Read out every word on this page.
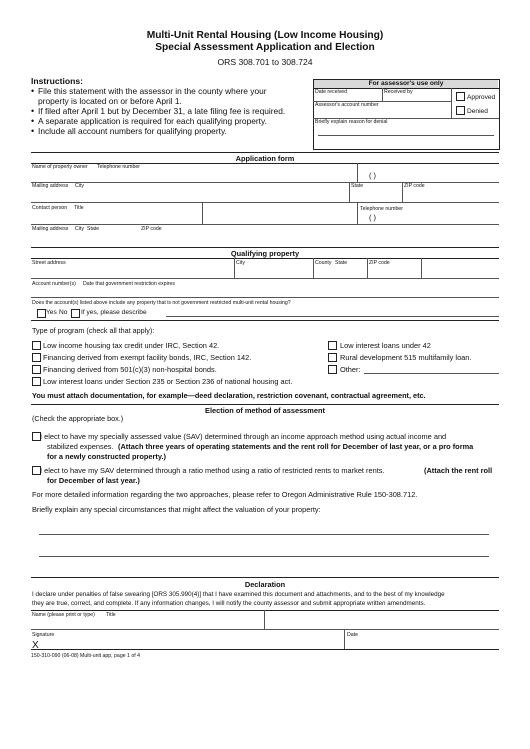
Multi-Unit Rental Housing (Low Income Housing)
Special Assessment Application and Election
ORS 308.701 to 308.724
Instructions:
• File this statement with the assessor in the county where your
property is located on or before April 1.
• If filed after April 1 but by December 31, a late filing fee is required.
• A separate application is required for each qualifying property.
• Include all account numbers for qualifying property.
For assessor's use only
Date received	Received by
Approved
Denied
Assessor's account number
Briefly explain reason for denial
Application form
Name of property owner Telephone number
( )
Mailing address City	State	ZIP code
Contact person Title	Telephone number
( )
Mailing address City State	ZIP code
Qualifying property
Street address	City	County State	ZIP code
Account number(s) Date that government restriction expires
Does the account(s) listed above include any property that is not government restricted multi-unit rental housing?
Yes No If yes, please describe
Type of program (check all that apply):
Low income housing tax credit under IRC, Section 42.
Financing derived from exempt facility bonds, IRC, Section 142.
Financing derived from 501(c)(3) non-hospital bonds.
Low interest loans under Section 235 or Section 236 of national housing act.
Low interest loans under 42
Rural development 515 multifamily loan.
Other:
You must attach documentation, for example—deed declaration, restriction covenant, contractual agreement, etc.
Election of method of assessment
(Check the appropriate box.)
I elect to have my specially assessed value (SAV) determined through an income approach method using actual income and
stabilized expenses. (Attach three years of operating statements and the rent roll for December of last year, or a pro forma
for a newly constructed property.)
I elect to have my SAV determined through a ratio method using a ratio of restricted rents to market rents.	(Attach the rent roll
for December of last year.)
For more detailed information regarding the two approaches, please refer to Oregon Administrative Rule 150-308.712.
Briefly explain any special circumstances that might affect the valuation of your property:
Declaration
I declare under penalties of false swearing [ORS 305.990(4)] that I have examined this document and attachments, and to the best of my knowledge
they are true, correct, and complete. If any information changes, I will notify the county assessor and submit appropriate written amendments.
Name (please print or type) Title
Signature
X
Date
150-310-090 (06-08) Multi-unit app, page 1 of 4
